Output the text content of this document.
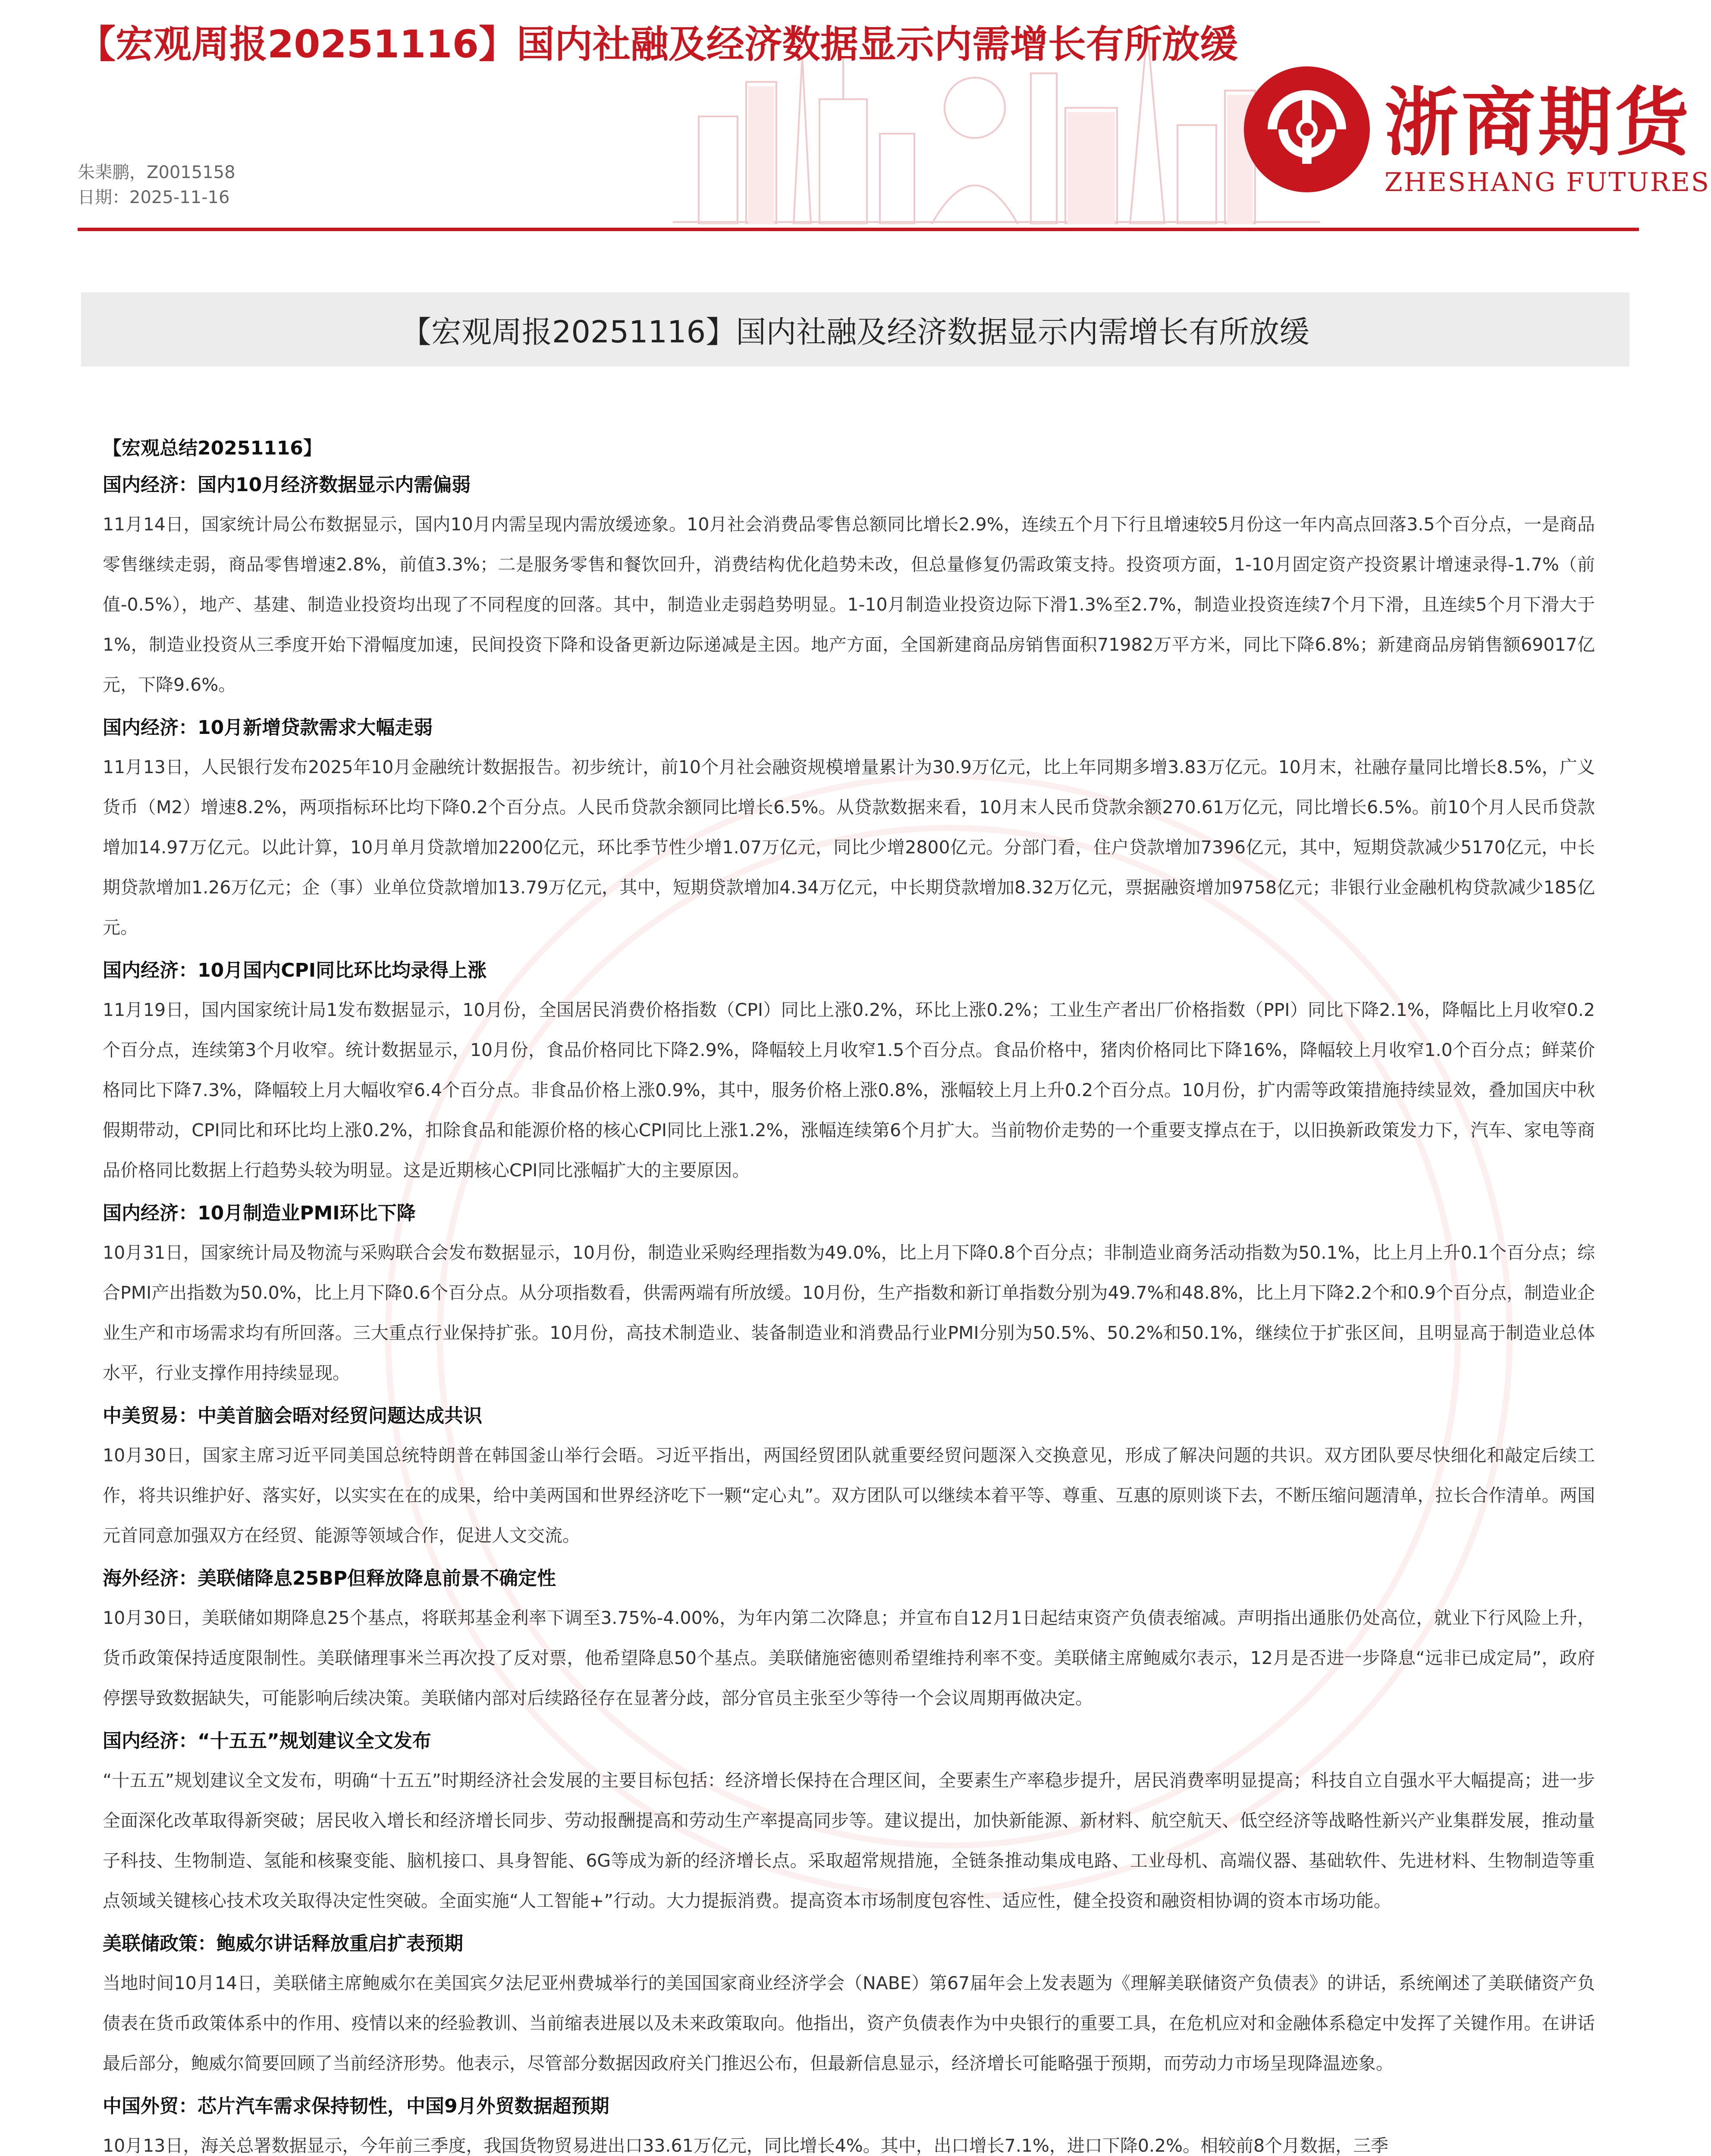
【宏观周报20251116】国内社融及经济数据显示内需增长有所放缓
浙商期货
ZHESHANG FUTURES
朱棐鹏，Z0015158
日期：2025-11-16
【宏观周报20251116】国内社融及经济数据显示内需增长有所放缓
【宏观总结20251116】
国内经济：国内10月经济数据显示内需偏弱

11月14日，国家统计局公布数据显示，国内10月内需呈现内需放缓迹象。10月社会消费品零售总额同比增长2.9%，连续五个月下行且增速较5月份这一年内高点回落3.5个百分点，一是商品零售继续走弱，商品零售增速2.8%，前值3.3%；二是服务零售和餐饮回升，消费结构优化趋势未改，但总量修复仍需政策支持。投资项方面，1-10月固定资产投资累计增速录得-1.7%（前值-0.5%），地产、基建、制造业投资均出现了不同程度的回落。其中，制造业走弱趋势明显。1-10月制造业投资边际下滑1.3%至2.7%，制造业投资连续7个月下滑，且连续5个月下滑大于1%，制造业投资从三季度开始下滑幅度加速，民间投资下降和设备更新边际递减是主因。地产方面，全国新建商品房销售面积71982万平方米，同比下降6.8%；新建商品房销售额69017亿元，下降9.6%。

国内经济：10月新增贷款需求大幅走弱

11月13日，人民银行发布2025年10月金融统计数据报告。初步统计，前10个月社会融资规模增量累计为30.9万亿元，比上年同期多增3.83万亿元。10月末，社融存量同比增长8.5%，广义货币（M2）增速8.2%，两项指标环比均下降0.2个百分点。人民币贷款余额同比增长6.5%。从贷款数据来看，10月末人民币贷款余额270.61万亿元，同比增长6.5%。前10个月人民币贷款增加14.97万亿元。以此计算，10月单月贷款增加2200亿元，环比季节性少增1.07万亿元，同比少增2800亿元。分部门看，住户贷款增加7396亿元，其中，短期贷款减少5170亿元，中长期贷款增加1.26万亿元；企（事）业单位贷款增加13.79万亿元，其中，短期贷款增加4.34万亿元，中长期贷款增加8.32万亿元，票据融资增加9758亿元；非银行业金融机构贷款减少185亿元。

国内经济：10月国内CPI同比环比均录得上涨

11月19日，国内国家统计局1发布数据显示，10月份，全国居民消费价格指数（CPI）同比上涨0.2%，环比上涨0.2%；工业生产者出厂价格指数（PPI）同比下降2.1%，降幅比上月收窄0.2个百分点，连续第3个月收窄。统计数据显示，10月份，食品价格同比下降2.9%，降幅较上月收窄1.5个百分点。食品价格中，猪肉价格同比下降16%，降幅较上月收窄1.0个百分点；鲜菜价格同比下降7.3%，降幅较上月大幅收窄6.4个百分点。非食品价格上涨0.9%，其中，服务价格上涨0.8%，涨幅较上月上升0.2个百分点。10月份，扩内需等政策措施持续显效，叠加国庆中秋假期带动，CPI同比和环比均上涨0.2%，扣除食品和能源价格的核心CPI同比上涨1.2%，涨幅连续第6个月扩大。当前物价走势的一个重要支撑点在于，以旧换新政策发力下，汽车、家电等商品价格同比数据上行趋势头较为明显。这是近期核心CPI同比涨幅扩大的主要原因。

国内经济：10月制造业PMI环比下降

10月31日，国家统计局及物流与采购联合会发布数据显示，10月份，制造业采购经理指数为49.0%，比上月下降0.8个百分点；非制造业商务活动指数为50.1%，比上月上升0.1个百分点；综合PMI产出指数为50.0%，比上月下降0.6个百分点。从分项指数看，供需两端有所放缓。10月份，生产指数和新订单指数分别为49.7%和48.8%，比上月下降2.2个和0.9个百分点，制造业企业生产和市场需求均有所回落。三大重点行业保持扩张。10月份，高技术制造业、装备制造业和消费品行业PMI分别为50.5%、50.2%和50.1%，继续位于扩张区间，且明显高于制造业总体水平，行业支撑作用持续显现。

中美贸易：中美首脑会晤对经贸问题达成共识

10月30日，国家主席习近平同美国总统特朗普在韩国釜山举行会晤。习近平指出，两国经贸团队就重要经贸问题深入交换意见，形成了解决问题的共识。双方团队要尽快细化和敲定后续工作，将共识维护好、落实好，以实实在在的成果，给中美两国和世界经济吃下一颗“定心丸”。双方团队可以继续本着平等、尊重、互惠的原则谈下去，不断压缩问题清单，拉长合作清单。两国元首同意加强双方在经贸、能源等领域合作，促进人文交流。

海外经济：美联储降息25BP但释放降息前景不确定性

10月30日，美联储如期降息25个基点，将联邦基金利率下调至3.75%-4.00%，为年内第二次降息；并宣布自12月1日起结束资产负债表缩减。声明指出通胀仍处高位，就业下行风险上升，货币政策保持适度限制性。美联储理事米兰再次投了反对票，他希望降息50个基点。美联储施密德则希望维持利率不变。美联储主席鲍威尔表示，12月是否进一步降息“远非已成定局”，政府停摆导致数据缺失，可能影响后续决策。美联储内部对后续路径存在显著分歧，部分官员主张至少等待一个会议周期再做决定。

国内经济：“十五五”规划建议全文发布

“十五五”规划建议全文发布，明确“十五五”时期经济社会发展的主要目标包括：经济增长保持在合理区间，全要素生产率稳步提升，居民消费率明显提高；科技自立自强水平大幅提高；进一步全面深化改革取得新突破；居民收入增长和经济增长同步、劳动报酬提高和劳动生产率提高同步等。建议提出，加快新能源、新材料、航空航天、低空经济等战略性新兴产业集群发展，推动量子科技、生物制造、氢能和核聚变能、脑机接口、具身智能、6G等成为新的经济增长点。采取超常规措施，全链条推动集成电路、工业母机、高端仪器、基础软件、先进材料、生物制造等重点领域关键核心技术攻关取得决定性突破。全面实施“人工智能+”行动。大力提振消费。提高资本市场制度包容性、适应性，健全投资和融资相协调的资本市场功能。

美联储政策：鲍威尔讲话释放重启扩表预期

当地时间10月14日，美联储主席鲍威尔在美国宾夕法尼亚州费城举行的美国国家商业经济学会（NABE）第67届年会上发表题为《理解美联储资产负债表》的讲话，系统阐述了美联储资产负债表在货币政策体系中的作用、疫情以来的经验教训、当前缩表进展以及未来政策取向。他指出，资产负债表作为中央银行的重要工具，在危机应对和金融体系稳定中发挥了关键作用。在讲话最后部分，鲍威尔简要回顾了当前经济形势。他表示，尽管部分数据因政府关门推迟公布，但最新信息显示，经济增长可能略强于预期，而劳动力市场呈现降温迹象。

中国外贸：芯片汽车需求保持韧性，中国9月外贸数据超预期

10月13日，海关总署数据显示，今年前三季度，我国货物贸易进出口33.61万亿元，同比增长4%。其中，出口增长7.1%，进口下降0.2%。相较前8个月数据，三季
